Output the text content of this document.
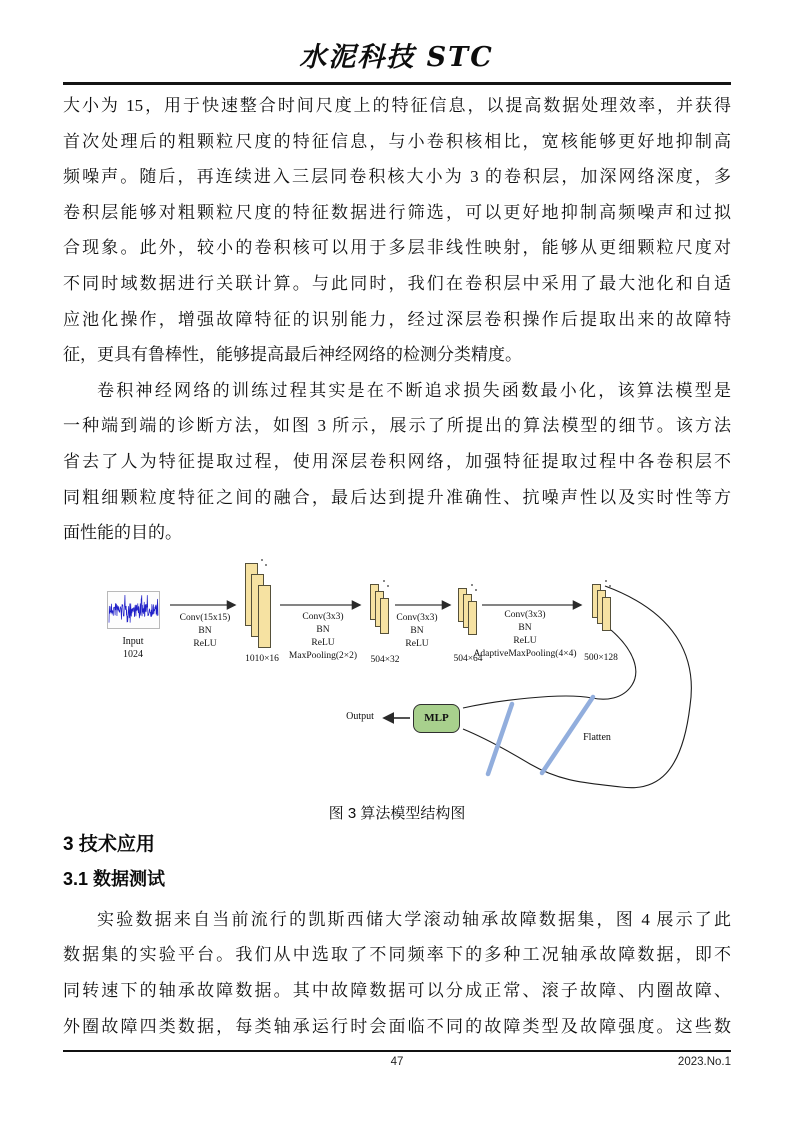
水泥科技 STC
大小为 15，用于快速整合时间尺度上的特征信息，以提高数据处理效率，并获得
首次处理后的粗颗粒尺度的特征信息，与小卷积核相比，宽核能够更好地抑制高
频噪声。随后，再连续进入三层同卷积核大小为 3 的卷积层，加深网络深度，多
卷积层能够对粗颗粒尺度的特征数据进行筛选，可以更好地抑制高频噪声和过拟
合现象。此外，较小的卷积核可以用于多层非线性映射，能够从更细颗粒尺度对
不同时域数据进行关联计算。与此同时，我们在卷积层中采用了最大池化和自适
应池化操作，增强故障特征的识别能力，经过深层卷积操作后提取出来的故障特
征，更具有鲁棒性，能够提高最后神经网络的检测分类精度。
卷积神经网络的训练过程其实是在不断追求损失函数最小化，该算法模型是
一种端到端的诊断方法，如图 3 所示，展示了所提出的算法模型的细节。该方法
省去了人为特征提取过程，使用深层卷积网络，加强特征提取过程中各卷积层不
同粗细颗粒度特征之间的融合，最后达到提升准确性、抗噪声性以及实时性等方
面性能的目的。
Input
1024
Conv(15x15)
BN
ReLU
Conv(3x3)
BN
ReLU
MaxPooling(2×2)
Conv(3x3)
BN
ReLU
Conv(3x3)
BN
ReLU
AdaptiveMaxPooling(4×4)
1010×16	504×32	504×64	500×128
MLP
Output
Flatten
图 3 算法模型结构图
3 技术应用
3.1 数据测试
实验数据来自当前流行的凯斯西储大学滚动轴承故障数据集，图 4 展示了此
数据集的实验平台。我们从中选取了不同频率下的多种工况轴承故障数据，即不
同转速下的轴承故障数据。其中故障数据可以分成正常、滚子故障、内圈故障、
外圈故障四类数据，每类轴承运行时会面临不同的故障类型及故障强度。这些数
47	2023.No.1
